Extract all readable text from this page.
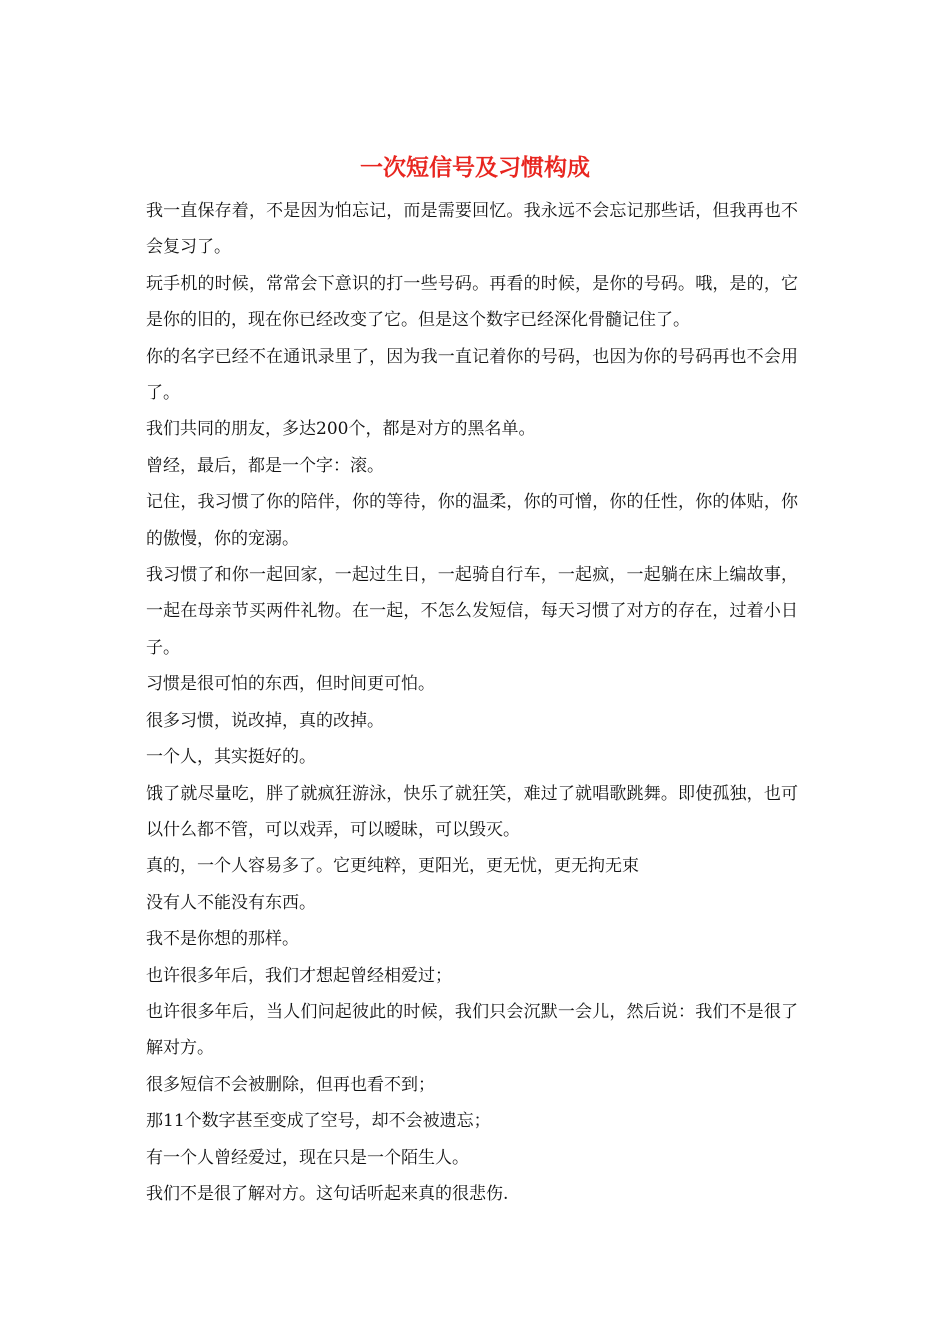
一次短信号及习惯构成

我一直保存着，不是因为怕忘记，而是需要回忆。我永远不会忘记那些话，但我再也不会复习了。

玩手机的时候，常常会下意识的打一些号码。再看的时候，是你的号码。哦，是的，它是你的旧的，现在你已经改变了它。但是这个数字已经深化骨髓记住了。

你的名字已经不在通讯录里了，因为我一直记着你的号码，也因为你的号码再也不会用了。

我们共同的朋友，多达200个，都是对方的黑名单。

曾经，最后，都是一个字：滚。

记住，我习惯了你的陪伴，你的等待，你的温柔，你的可憎，你的任性，你的体贴，你的傲慢，你的宠溺。

我习惯了和你一起回家，一起过生日，一起骑自行车，一起疯，一起躺在床上编故事，一起在母亲节买两件礼物。在一起，不怎么发短信，每天习惯了对方的存在，过着小日子。

习惯是很可怕的东西，但时间更可怕。

很多习惯，说改掉，真的改掉。

一个人，其实挺好的。

饿了就尽量吃，胖了就疯狂游泳，快乐了就狂笑，难过了就唱歌跳舞。即使孤独，也可以什么都不管，可以戏弄，可以暧昧，可以毁灭。

真的，一个人容易多了。它更纯粹，更阳光，更无忧，更无拘无束

没有人不能没有东西。

我不是你想的那样。

也许很多年后，我们才想起曾经相爱过；

也许很多年后，当人们问起彼此的时候，我们只会沉默一会儿，然后说：我们不是很了解对方。

很多短信不会被删除，但再也看不到；

那11个数字甚至变成了空号，却不会被遗忘；

有一个人曾经爱过，现在只是一个陌生人。

我们不是很了解对方。这句话听起来真的很悲伤.
